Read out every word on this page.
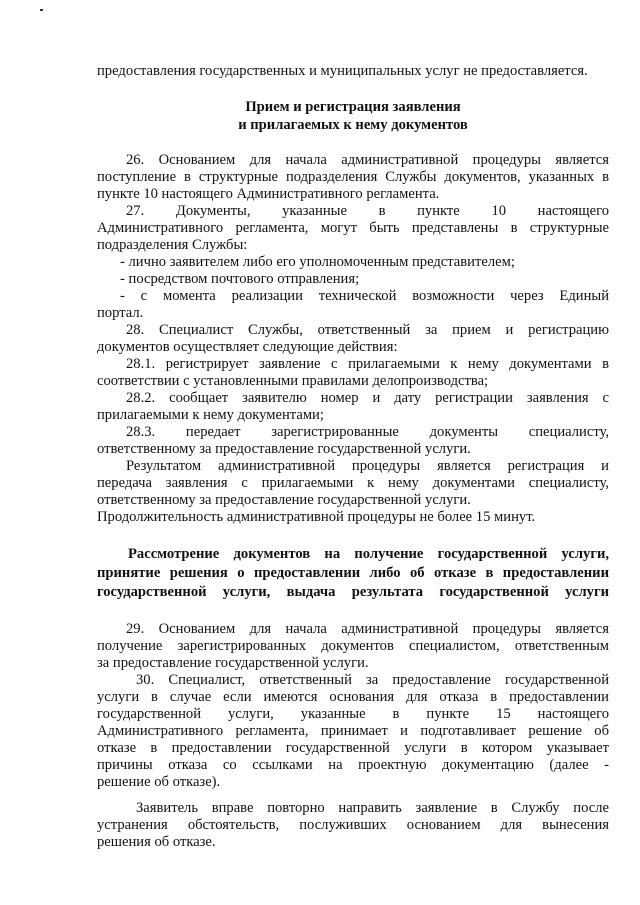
предоставления государственных и муниципальных услуг не предоставляется.
Прием и регистрация заявления
и прилагаемых к нему документов
26. Основанием для начала административной процедуры является
поступление в структурные подразделения Службы документов, указанных в
пункте 10 настоящего Административного регламента.
27. Документы, указанные в пункте 10 настоящего
Административного регламента, могут быть представлены в структурные
подразделения Службы:
- лично заявителем либо его уполномоченным представителем;
- посредством почтового отправления;
- с момента реализации технической возможности через Единый
портал.
28. Специалист Службы, ответственный за прием и регистрацию
документов осуществляет следующие действия:
28.1. регистрирует заявление с прилагаемыми к нему документами в
соответствии с установленными правилами делопроизводства;
28.2. сообщает заявителю номер и дату регистрации заявления с
прилагаемыми к нему документами;
28.3. передает зарегистрированные документы специалисту,
ответственному за предоставление государственной услуги.
Результатом административной процедуры является регистрация и
передача заявления с прилагаемыми к нему документами специалисту,
ответственному за предоставление государственной услуги.
Продолжительность административной процедуры не более 15 минут.
Рассмотрение документов на получение государственной услуги,
принятие решения о предоставлении либо об отказе в предоставлении
государственной услуги, выдача результата государственной услуги
29. Основанием для начала административной процедуры является
получение зарегистрированных документов специалистом, ответственным
за предоставление государственной услуги.
30. Специалист, ответственный за предоставление государственной
услуги в случае если имеются основания для отказа в предоставлении
государственной услуги, указанные в пункте 15 настоящего
Административного регламента, принимает и подготавливает решение об
отказе в предоставлении государственной услуги в котором указывает
причины отказа со ссылками на проектную документацию (далее -
решение об отказе).
Заявитель вправе повторно направить заявление в Службу после
устранения обстоятельств, послуживших основанием для вынесения
решения об отказе.
